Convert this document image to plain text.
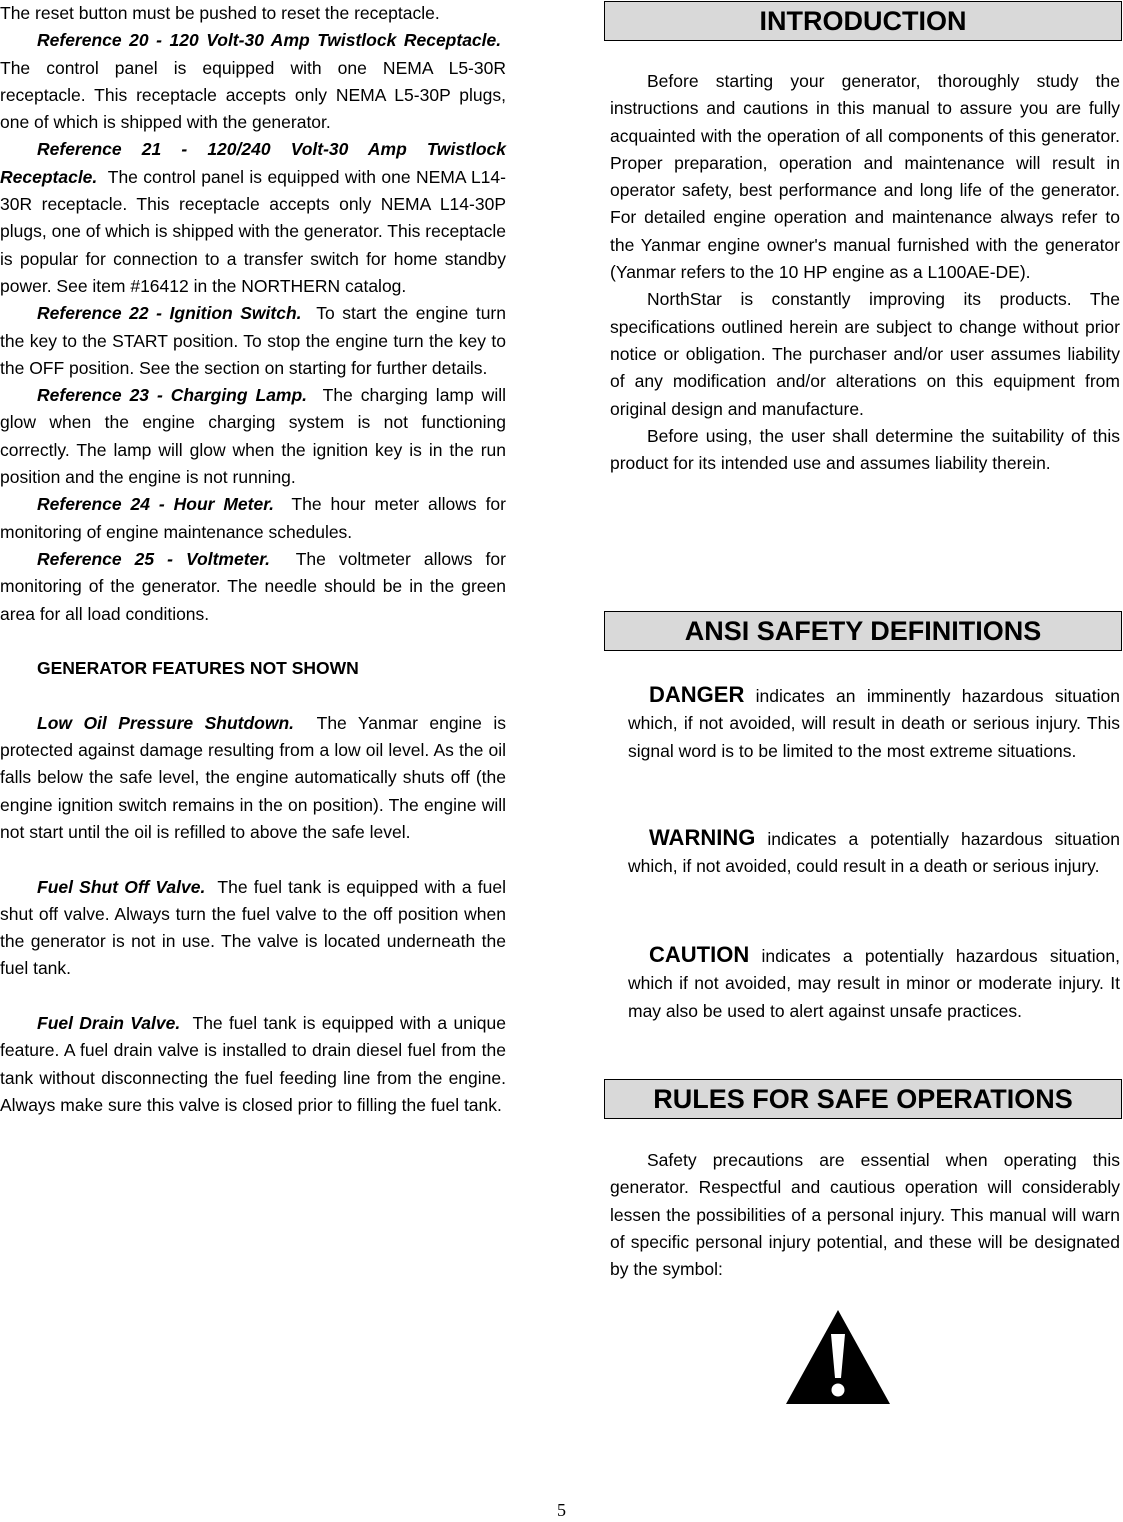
The reset button must be pushed to reset the receptacle.

Reference 20 - 120 Volt-30 Amp Twistlock Receptacle.  The control panel is equipped with one NEMA L5-30R receptacle. This receptacle accepts only NEMA L5-30P plugs, one of which is shipped with the generator.

Reference 21 - 120/240 Volt-30 Amp Twistlock Receptacle. The control panel is equipped with one NEMA L14-30R receptacle. This receptacle accepts only NEMA L14-30P plugs, one of which is shipped with the generator. This receptacle is popular for connection to a transfer switch for home standby power. See item #16412 in the NORTHERN catalog.

Reference 22 - Ignition Switch. To start the engine turn the key to the START position. To stop the engine turn the key to the OFF position. See the section on starting for further details.

Reference 23 - Charging Lamp. The charging lamp will glow when the engine charging system is not functioning correctly. The lamp will glow when the ignition key is in the run position and the engine is not running.

Reference 24 - Hour Meter. The hour meter allows for monitoring of engine maintenance schedules.

Reference 25 - Voltmeter. The voltmeter allows for monitoring of the generator. The needle should be in the green area for all load conditions.

GENERATOR FEATURES NOT SHOWN

Low Oil Pressure Shutdown. The Yanmar engine is protected against damage resulting from a low oil level. As the oil falls below the safe level, the engine automatically shuts off (the engine ignition switch remains in the on position). The engine will not start until the oil is refilled to above the safe level.

Fuel Shut Off Valve. The fuel tank is equipped with a fuel shut off valve. Always turn the fuel valve to the off position when the generator is not in use. The valve is located underneath the fuel tank.

Fuel Drain Valve. The fuel tank is equipped with a unique feature. A fuel drain valve is installed to drain diesel fuel from the tank without disconnecting the fuel feeding line from the engine. Always make sure this valve is closed prior to filling the fuel tank.

INTRODUCTION

Before starting your generator, thoroughly study the instructions and cautions in this manual to assure you are fully acquainted with the operation of all components of this generator. Proper preparation, operation and maintenance will result in operator safety, best performance and long life of the generator. For detailed engine operation and maintenance always refer to the Yanmar engine owner's manual furnished with the generator (Yanmar refers to the 10 HP engine as a L100AE-DE).

NorthStar is constantly improving its products. The specifications outlined herein are subject to change without prior notice or obligation. The purchaser and/or user assumes liability of any modification and/or alterations on this equipment from original design and manufacture.

Before using, the user shall determine the suitability of this product for its intended use and assumes liability therein.

ANSI SAFETY DEFINITIONS

DANGER indicates an imminently hazardous situation which, if not avoided, will result in death or serious injury. This signal word is to be limited to the most extreme situations.

WARNING indicates a potentially hazardous situation which, if not avoided, could result in a death or serious injury.

CAUTION indicates a potentially hazardous situation, which if not avoided, may result in minor or moderate injury. It may also be used to alert against unsafe practices.

RULES FOR SAFE OPERATIONS

Safety precautions are essential when operating this generator. Respectful and cautious operation will considerably lessen the possibilities of a personal injury. This manual will warn of specific personal injury potential, and these will be designated by the symbol:

5
